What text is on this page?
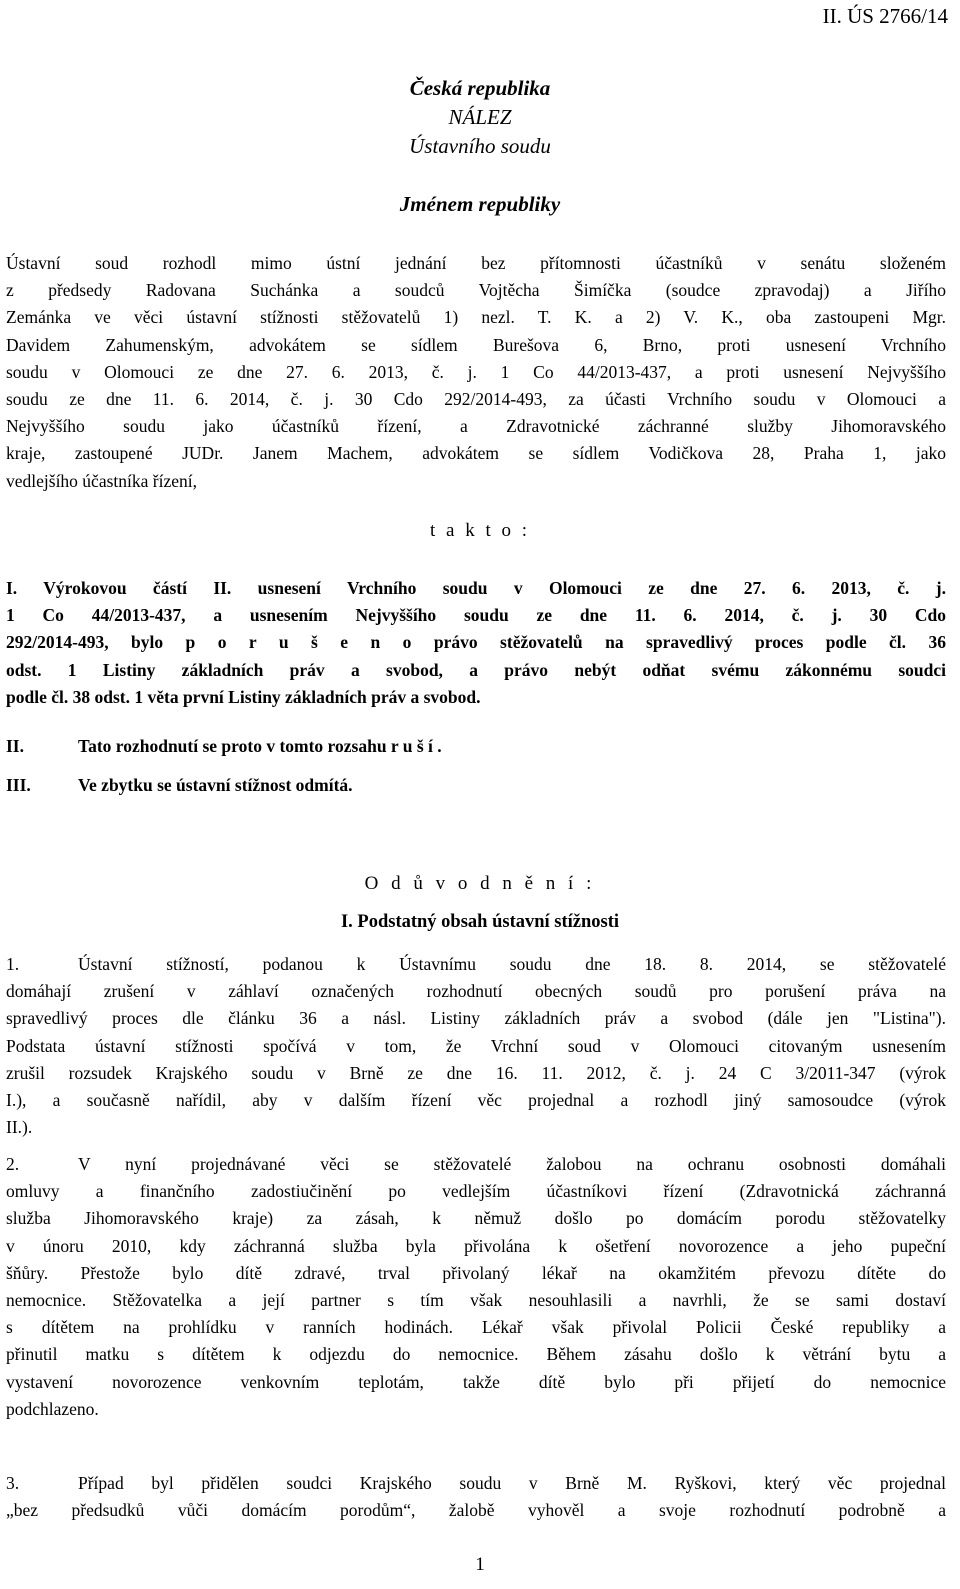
II. ÚS 2766/14
Česká republika
NÁLEZ
Ústavního soudu
Jménem republiky
Ústavní soud rozhodl mimo ústní jednání bez přítomnosti účastníků v senátu složeném
z předsedy Radovana Suchánka a soudců Vojtěcha Šimíčka (soudce zpravodaj) a Jiřího
Zemánka ve věci ústavní stížnosti stěžovatelů 1) nezl. T. K. a 2) V. K., oba zastoupeni Mgr.
Davidem Zahumenským, advokátem se sídlem Burešova 6, Brno, proti usnesení Vrchního
soudu v Olomouci ze dne 27. 6. 2013, č. j. 1 Co 44/2013-437, a proti usnesení Nejvyššího
soudu ze dne 11. 6. 2014, č. j. 30 Cdo 292/2014-493, za účasti Vrchního soudu v Olomouci a
Nejvyššího soudu jako účastníků řízení, a Zdravotnické záchranné služby Jihomoravského
kraje, zastoupené JUDr. Janem Machem, advokátem se sídlem Vodičkova 28, Praha 1, jako
vedlejšího účastníka řízení,
t a k t o :
I. Výrokovou částí II. usnesení Vrchního soudu v Olomouci ze dne 27. 6. 2013, č. j.
1 Co 44/2013-437, a usnesením Nejvyššího soudu ze dne 11. 6. 2014, č. j. 30 Cdo
292/2014-493, bylo p o r u š e n o právo stěžovatelů na spravedlivý proces podle čl. 36
odst. 1 Listiny základních práv a svobod, a právo nebýt odňat svému zákonnému soudci
podle čl. 38 odst. 1 věta první Listiny základních práv a svobod.
II.	Tato rozhodnutí se proto v tomto rozsahu r u š í .
III.	Ve zbytku se ústavní stížnost odmítá.
O d ů v o d n ě n í :
I. Podstatný obsah ústavní stížnosti
1.	Ústavní stížností, podanou k Ústavnímu soudu dne 18. 8. 2014, se stěžovatelé
domáhají zrušení v záhlaví označených rozhodnutí obecných soudů pro porušení práva na
spravedlivý proces dle článku 36 a násl. Listiny základních práv a svobod (dále jen "Listina").
Podstata ústavní stížnosti spočívá v tom, že Vrchní soud v Olomouci citovaným usnesením
zrušil rozsudek Krajského soudu v Brně ze dne 16. 11. 2012, č. j. 24 C 3/2011-347 (výrok
I.), a současně nařídil, aby v dalším řízení věc projednal a rozhodl jiný samosoudce (výrok
II.).
2.	V nyní projednávané věci se stěžovatelé žalobou na ochranu osobnosti domáhali
omluvy a finančního zadostiučinění po vedlejším účastníkovi řízení (Zdravotnická záchranná
služba Jihomoravského kraje) za zásah, k němuž došlo po domácím porodu stěžovatelky
v únoru 2010, kdy záchranná služba byla přivolána k ošetření novorozence a jeho pupeční
šňůry. Přestože bylo dítě zdravé, trval přivolaný lékař na okamžitém převozu dítěte do
nemocnice. Stěžovatelka a její partner s tím však nesouhlasili a navrhli, že se sami dostaví
s dítětem na prohlídku v ranních hodinách. Lékař však přivolal Policii České republiky a
přinutil matku s dítětem k odjezdu do nemocnice. Během zásahu došlo k větrání bytu a
vystavení novorozence venkovním teplotám, takže dítě bylo při přijetí do nemocnice
podchlazeno.
3.	Případ byl přidělen soudci Krajského soudu v Brně M. Ryškovi, který věc projednal
„bez předsudků vůči domácím porodům“, žalobě vyhověl a svoje rozhodnutí podrobně a
1
